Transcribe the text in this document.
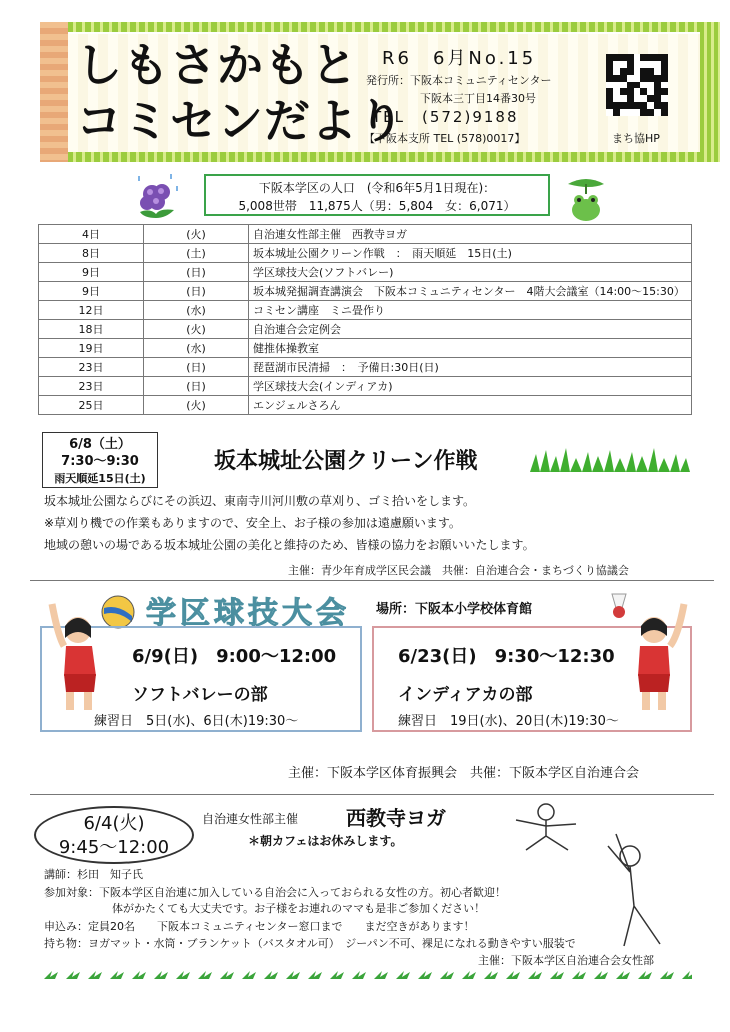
しもさかもと
コミセンだより
R6　6月No.15
発行所：下阪本コミュニティセンター
下阪本三丁目14番30号
TEL　(572)9188
【下阪本支所 TEL (578)0017】	まち協HP
下阪本学区の人口　(令和6年5月1日現在)：
5,008世帯　11,875人（男：5,804　女：6,071）
4日	(火)	自治連女性部主催　西教寺ヨガ
8日	(土)	坂本城址公園クリーン作戦　：　雨天順延　15日(土)
9日	(日)	学区球技大会(ソフトバレー)
9日	(日)	坂本城発掘調査講演会　下阪本コミュニティセンター　4階大会議室（14:00～15:30）
12日	(水)	コミセン講座　ミニ畳作り
18日	(火)	自治連合会定例会
19日	(水)	健推体操教室
23日	(日)	琵琶湖市民清掃　：　予備日:30日(日)
23日	(日)	学区球技大会(インディアカ)
25日	(火)	エンジェルさろん
6/8（土）
7:30～9:30
雨天順延15日(土)
坂本城址公園クリーン作戦
坂本城址公園ならびにその浜辺、東南寺川河川敷の草刈り、ゴミ拾いをします。
※草刈り機での作業もありますので、安全上、お子様の参加は遠慮願います。
地域の憩いの場である坂本城址公園の美化と維持のため、皆様の協力をお願いいたします。
主催：青少年育成学区民会議　共催：自治連合会・まちづくり協議会
学区球技大会 場所：下阪本小学校体育館
6/9(日)　9:00～12:00
ソフトバレーの部
練習日　5日(水)、6日(木)19:30～
6/23(日)　9:30～12:30
インディアカの部
練習日　19日(水)、20日(木)19:30～
主催：下阪本学区体育振興会　共催：下阪本学区自治連合会
6/4(火)
9:45～12:00
自治連女性部主催 西教寺ヨガ
＊朝カフェはお休みします。
講師：杉田　知子氏
参加対象：下阪本学区自治連に加入している自治会に入っておられる女性の方。初心者歓迎！
体がかたくても大丈夫です。お子様をお連れのママも是非ご参加ください！
申込み：定員20名　　下阪本コミュニティセンター窓口まで　　まだ空きがあります！
持ち物：ヨガマット・水筒・ブランケット（バスタオル可）　ジーパン不可、裸足になれる動きやすい服装で
主催：下阪本学区自治連合会女性部
